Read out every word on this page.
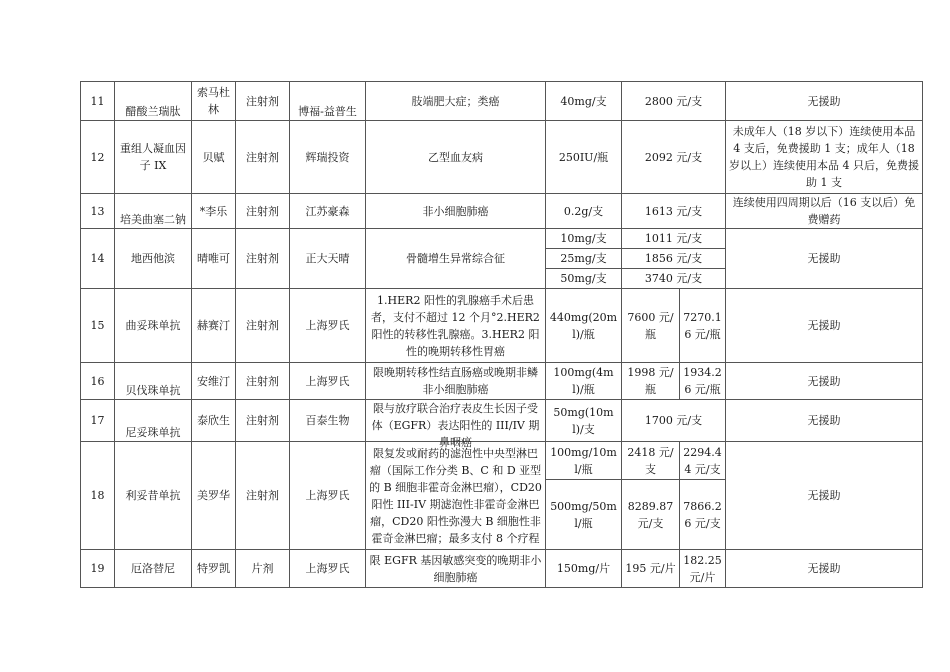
11	醋酸兰瑞肽	索马杜林	注射剂	博福-益普生	肢端肥大症；类癌	40mg/支	2800 元/支		无援助
12	重组人凝血因子 IX	贝赋	注射剂	辉瑞投资	乙型血友病	250IU/瓶	2092 元/支		未成年人（18 岁以下）连续使用本品 4 支后，免费援助 1 支；成年人（18 岁以上）连续使用本品 4 只后，免费援助 1 支
13	培美曲塞二钠	*李乐	注射剂	江苏豪森	非小细胞肺癌	0.2g/支	1613 元/支		连续使用四周期以后（16 支以后）免费赠药
14	地西他滨	晴唯可	注射剂	正大天晴	骨髓增生异常综合征	10mg/支	1011 元/支		无援助
						25mg/支	1856 元/支		
						50mg/支	3740 元/支		
15	曲妥珠单抗	赫赛汀	注射剂	上海罗氏	1.HER2 阳性的乳腺癌手术后患者，支付不超过 12 个月°2.HER2 阳性的转移性乳腺癌。3.HER2 阳性的晚期转移性胃癌	440mg(20ml)/瓶	7600 元/瓶	7270.16 元/瓶	无援助
16	贝伐珠单抗	安维汀	注射剂	上海罗氏	限晚期转移性结直肠癌或晚期非鳞非小细胞肺癌	100mg(4ml)/瓶	1998 元/瓶	1934.26 元/瓶	无援助
17	尼妥珠单抗	泰欣生	注射剂	百泰生物	限与放疗联合治疗表皮生长因子受体（EGFR）表达阳性的 III/IV 期鼻咽癌	50mg(10ml)/支	1700 元/支		无援助
18	利妥昔单抗	美罗华	注射剂	上海罗氏	限复发或耐药的滤泡性中央型淋巴瘤（国际工作分类 B、C 和 D 亚型的 B 细胞非霍奇金淋巴瘤），CD20 阳性 III-IV 期滤泡性非霍奇金淋巴瘤，CD20 阳性弥漫大 B 细胞性非霍奇金淋巴瘤；最多支付 8 个疗程	100mg/10ml/瓶	2418 元/支	2294.44 元/支	无援助
						500mg/50ml/瓶	8289.87 元/支	7866.26 元/支	
19	厄洛替尼	特罗凯	片剂	上海罗氏	限 EGFR 基因敏感突变的晚期非小细胞肺癌	150mg/片	195 元/片	182.25 元/片	无援助
